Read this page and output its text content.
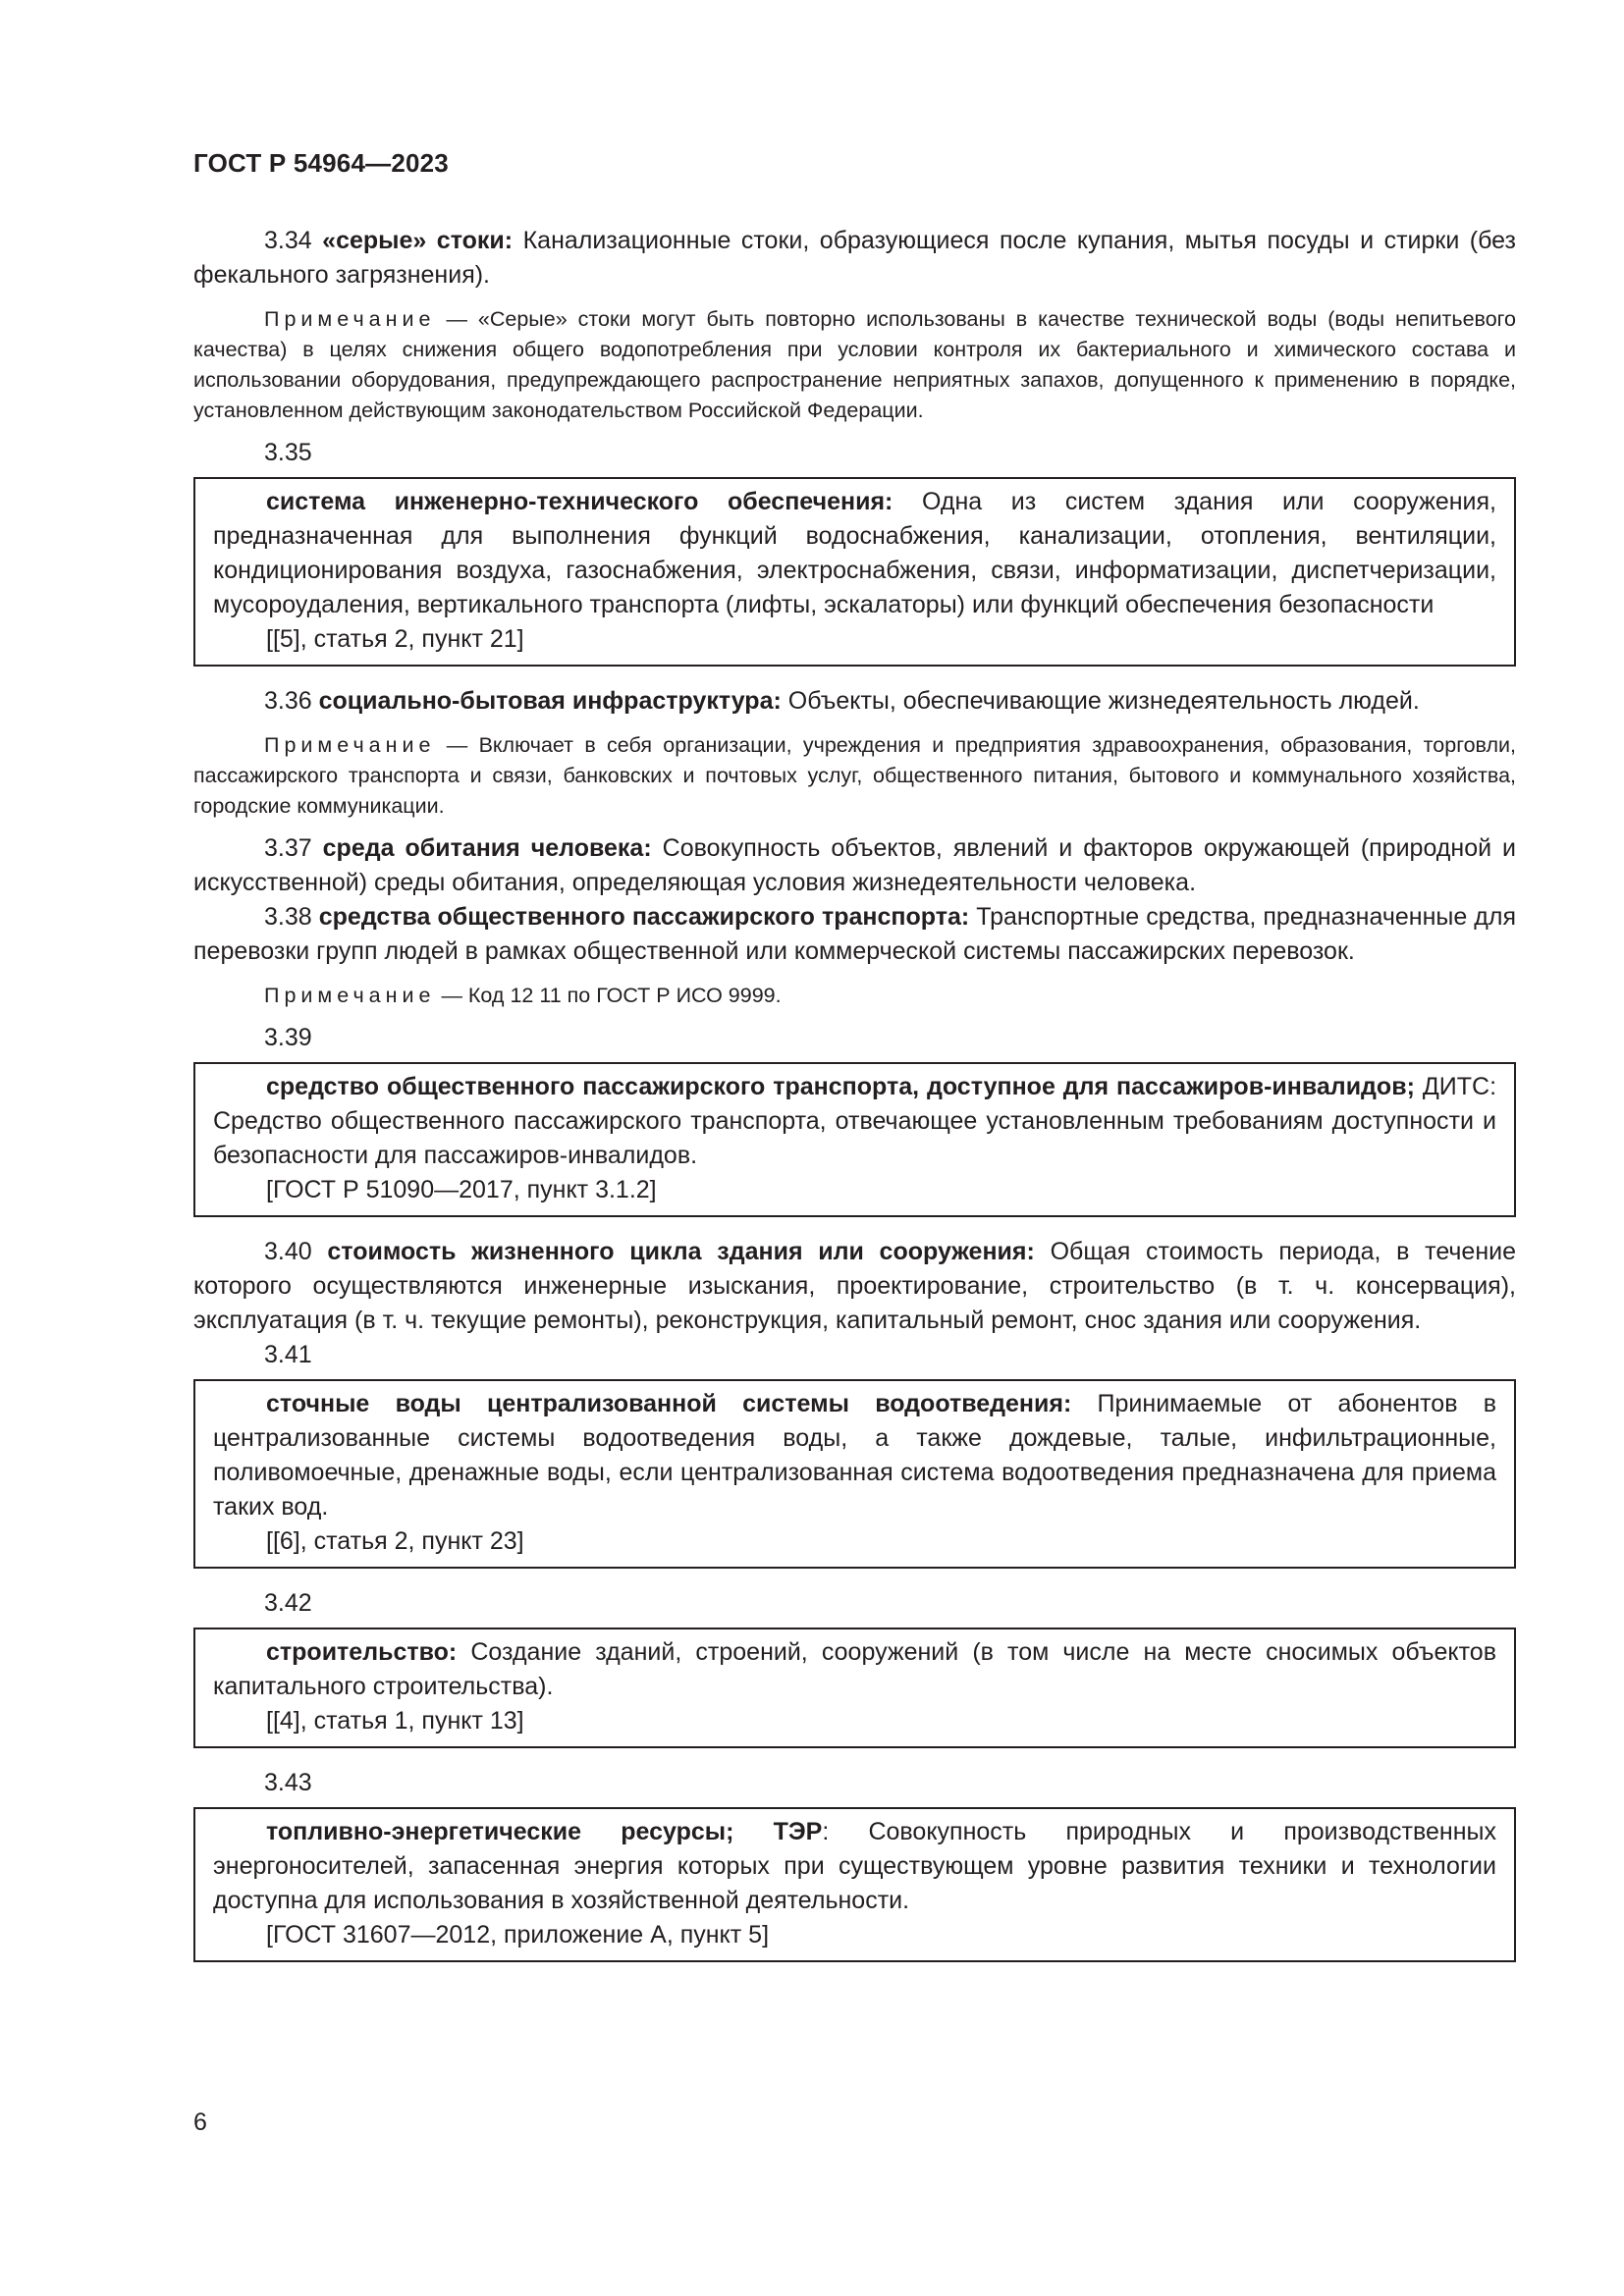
ГОСТ Р 54964—2023

3.34 «серые» стоки: Канализационные стоки, образующиеся после купания, мытья посуды и стирки (без фекального загрязнения).

Примечание — «Серые» стоки могут быть повторно использованы в качестве технической воды (воды непитьевого качества) в целях снижения общего водопотребления при условии контроля их бактериального и химического состава и использовании оборудования, предупреждающего распространение неприятных запахов, допущенного к применению в порядке, установленном действующим законодательством Российской Федерации.

3.35

система инженерно-технического обеспечения: Одна из систем здания или сооружения, предназначенная для выполнения функций водоснабжения, канализации, отопления, вентиляции, кондиционирования воздуха, газоснабжения, электроснабжения, связи, информатизации, диспетчеризации, мусороудаления, вертикального транспорта (лифты, эскалаторы) или функций обеспечения безопасности

[[5], статья 2, пункт 21]

3.36 социально-бытовая инфраструктура: Объекты, обеспечивающие жизнедеятельность людей.

Примечание — Включает в себя организации, учреждения и предприятия здравоохранения, образования, торговли, пассажирского транспорта и связи, банковских и почтовых услуг, общественного питания, бытового и коммунального хозяйства, городские коммуникации.

3.37 среда обитания человека: Совокупность объектов, явлений и факторов окружающей (природной и искусственной) среды обитания, определяющая условия жизнедеятельности человека.

3.38 средства общественного пассажирского транспорта: Транспортные средства, предназначенные для перевозки групп людей в рамках общественной или коммерческой системы пассажирских перевозок.

Примечание — Код 12 11 по ГОСТ Р ИСО 9999.

3.39

средство общественного пассажирского транспорта, доступное для пассажиров-инвалидов; ДИТС: Средство общественного пассажирского транспорта, отвечающее установленным требованиям доступности и безопасности для пассажиров-инвалидов.

[ГОСТ Р 51090—2017, пункт 3.1.2]

3.40 стоимость жизненного цикла здания или сооружения: Общая стоимость периода, в течение которого осуществляются инженерные изыскания, проектирование, строительство (в т. ч. консервация), эксплуатация (в т. ч. текущие ремонты), реконструкция, капитальный ремонт, снос здания или сооружения.

3.41

сточные воды централизованной системы водоотведения: Принимаемые от абонентов в централизованные системы водоотведения воды, а также дождевые, талые, инфильтрационные, поливомоечные, дренажные воды, если централизованная система водоотведения предназначена для приема таких вод.

[[6], статья 2, пункт 23]

3.42

строительство: Создание зданий, строений, сооружений (в том числе на месте сносимых объектов капитального строительства).

[[4], статья 1, пункт 13]

3.43

топливно-энергетические ресурсы; ТЭР: Совокупность природных и производственных энергоносителей, запасенная энергия которых при существующем уровне развития техники и технологии доступна для использования в хозяйственной деятельности.

[ГОСТ 31607—2012, приложение А, пункт 5]

6
